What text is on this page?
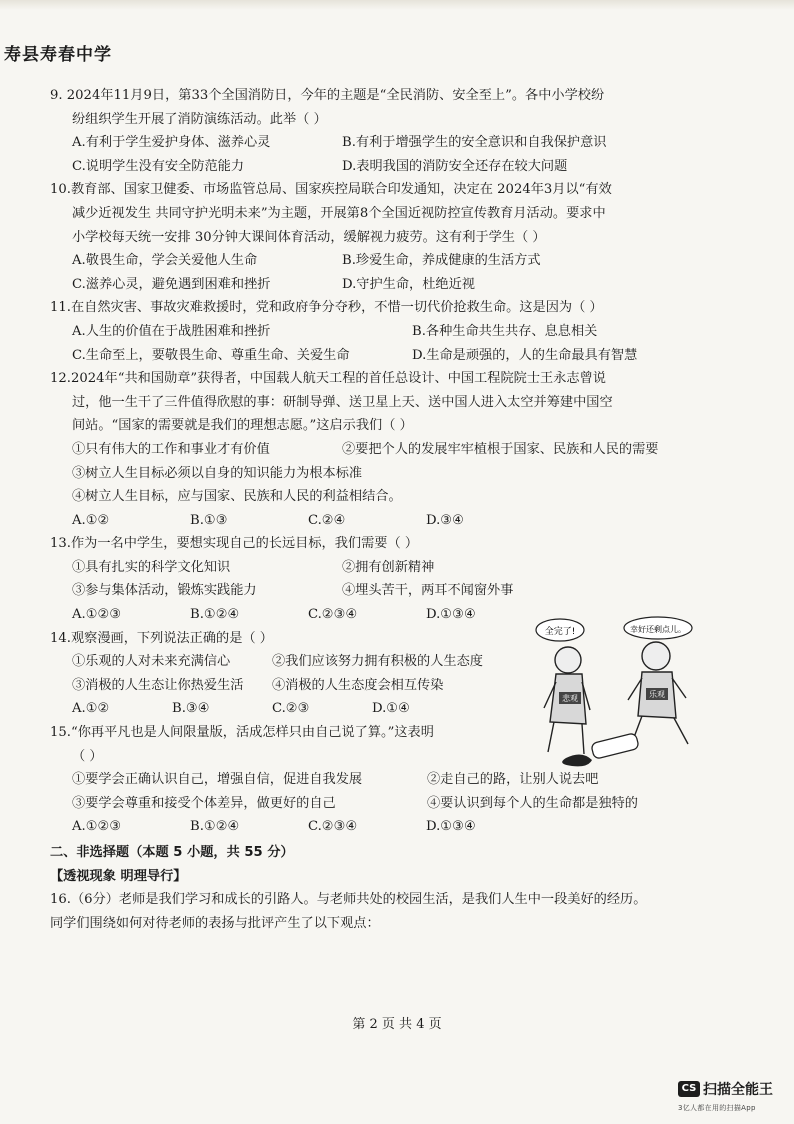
寿县寿春中学
9. 2024年11月9日，第33个全国消防日，今年的主题是“全民消防、安全至上”。各中小学校纷
纷组织学生开展了消防演练活动。此举（ ）
A.有利于学生爱护身体、滋养心灵	B.有利于增强学生的安全意识和自我保护意识
C.说明学生没有安全防范能力	D.表明我国的消防安全还存在较大问题
10.教育部、国家卫健委、市场监管总局、国家疾控局联合印发通知，决定在 2024年3月以“有效
减少近视发生 共同守护光明未来”为主题，开展第8个全国近视防控宣传教育月活动。要求中
小学校每天统一安排 30分钟大课间体育活动，缓解视力疲劳。这有利于学生（ ）
A.敬畏生命，学会关爱他人生命	B.珍爱生命，养成健康的生活方式
C.滋养心灵，避免遇到困难和挫折	D.守护生命，杜绝近视
11.在自然灾害、事故灾难救援时，党和政府争分夺秒，不惜一切代价抢救生命。这是因为（ ）
A.人生的价值在于战胜困难和挫折	B.各种生命共生共存、息息相关
C.生命至上，要敬畏生命、尊重生命、关爱生命	D.生命是顽强的，人的生命最具有智慧
12.2024年“共和国勋章”获得者，中国载人航天工程的首任总设计、中国工程院院士王永志曾说
过，他一生干了三件值得欣慰的事：研制导弹、送卫星上天、送中国人进入太空并筹建中国空
间站。“国家的需要就是我们的理想志愿。”这启示我们（ ）
①只有伟大的工作和事业才有价值	②要把个人的发展牢牢植根于国家、民族和人民的需要
③树立人生目标必须以自身的知识能力为根本标准
④树立人生目标，应与国家、民族和人民的利益相结合。
A.①②	B.①③	C.②④	D.③④
13.作为一名中学生，要想实现自己的长远目标，我们需要（ ）
①具有扎实的科学文化知识	②拥有创新精神
③参与集体活动，锻炼实践能力	④埋头苦干，两耳不闻窗外事
A.①②③	B.①②④	C.②③④	D.①③④
14.观察漫画，下列说法正确的是（ ）
①乐观的人对未来充满信心	②我们应该努力拥有积极的人生态度
③消极的人生态让你热爱生活	④消极的人生态度会相互传染
A.①②	B.③④	C.②③	D.①④
15.“你再平凡也是人间限量版，活成怎样只由自己说了算。”这表明
（ ）
①要学会正确认识自己，增强自信，促进自我发展	②走自己的路，让别人说去吧
③要学会尊重和接受个体差异，做更好的自己	④要认识到每个人的生命都是独特的
A.①②③	B.①②④	C.②③④	D.①③④
二、非选择题（本题 5 小题，共 55 分）
【透视现象 明理导行】
16.（6分）老师是我们学习和成长的引路人。与老师共处的校园生活，是我们人生中一段美好的经历。
同学们围绕如何对待老师的表扬与批评产生了以下观点：
全完了!	幸好还剩点儿。
悲观	乐观
第 2 页 共 4 页
CS 扫描全能王
3亿人都在用的扫描App
